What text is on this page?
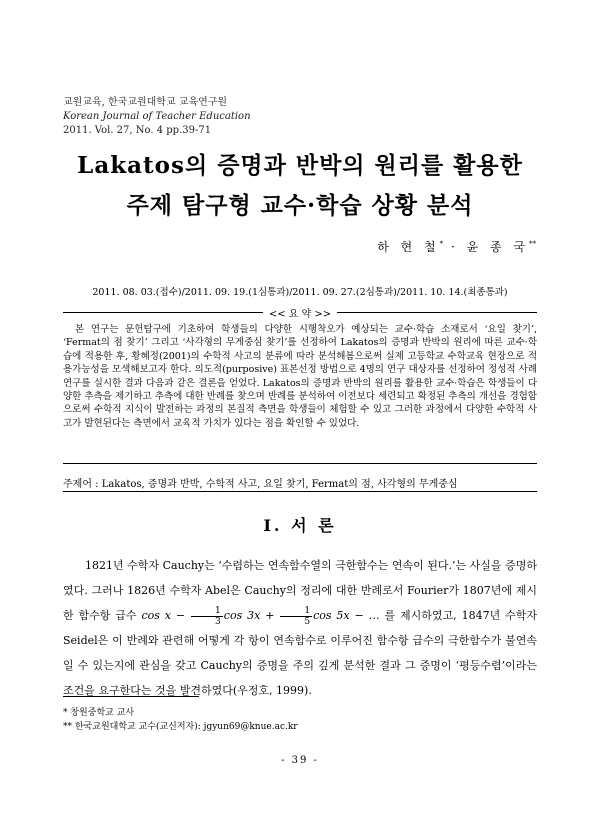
교원교육, 한국교원대학교 교육연구원
Korean Journal of Teacher Education
2011. Vol. 27, No. 4 pp.39-71
Lakatos의 증명과 반박의 원리를 활용한
주제 탐구형 교수·학습 상황 분석
하 현 철* · 윤 종 국**
2011. 08. 03.(접수)/2011. 09. 19.(1심통과)/2011. 09. 27.(2심통과)/2011. 10. 14.(최종통과)
<< 요 약 >>

본 연구는 문헌탐구에 기초하여 학생들의 다양한 시행착오가 예상되는 교수·학습 소재로서 ‘요일 찾기’, ‘Fermat의 점 찾기’ 그리고 ‘사각형의 무게중심 찾기’를 선정하여 Lakatos의 증명과 반박의 원리에 따른 교수·학습에 적용한 후, 황혜정(2001)의 수학적 사고의 분류에 따라 분석해봄으로써 실제 고등학교 수학교육 현장으로 적용가능성을 모색해보고자 한다. 의도적(purposive) 표본선정 방법으로 4명의 연구 대상자를 선정하여 정성적 사례연구를 실시한 결과 다음과 같은 결론을 얻었다. Lakatos의 증명과 반박의 원리를 활용한 교수·학습은 학생들이 다양한 추측을 제기하고 추측에 대한 반례를 찾으며 반례를 분석하여 이전보다 세련되고 확정된 추측의 개선을 경험함으로써 수학적 지식이 발전하는 과정의 본질적 측면을 학생들이 체험할 수 있고 그러한 과정에서 다양한 수학적 사고가 발현된다는 측면에서 교육적 가치가 있다는 점을 확인할 수 있었다.

주제어 : Lakatos, 증명과 반박, 수학적 사고, 요일 찾기, Fermat의 점, 사각형의 무게중심
Ⅰ. 서 론

1821년 수학자 Cauchy는 ‘수렴하는 연속함수열의 극한함수는 연속이 된다.’는 사실을 증명하였다. 그러나 1826년 수학자 Abel은 Cauchy의 정리에 대한 반례로서 Fourier가 1807년에 제시한 함수항 급수 $\cos x - \frac{1}{3}$ $\cos 3x + \frac{1}{5}$ cos 5x − … 를 제시하였고, 1847년 수학자 Seidel은 이 반례와 관련해 어떻게 각 항이 연속함수로 이루어진 함수항 급수의 극한함수가 불연속일 수 있는지에 관심을 갖고 Cauchy의 증명을 주의 깊게 분석한 결과 그 증명이 ‘평등수렴’이라는 조건을 요구한다는 것을 발견하였다(우정호, 1999).

* 창원중학교 교사
** 한국교원대학교 교수(교신저자): jgyun69@knue.ac.kr
- 39 -
